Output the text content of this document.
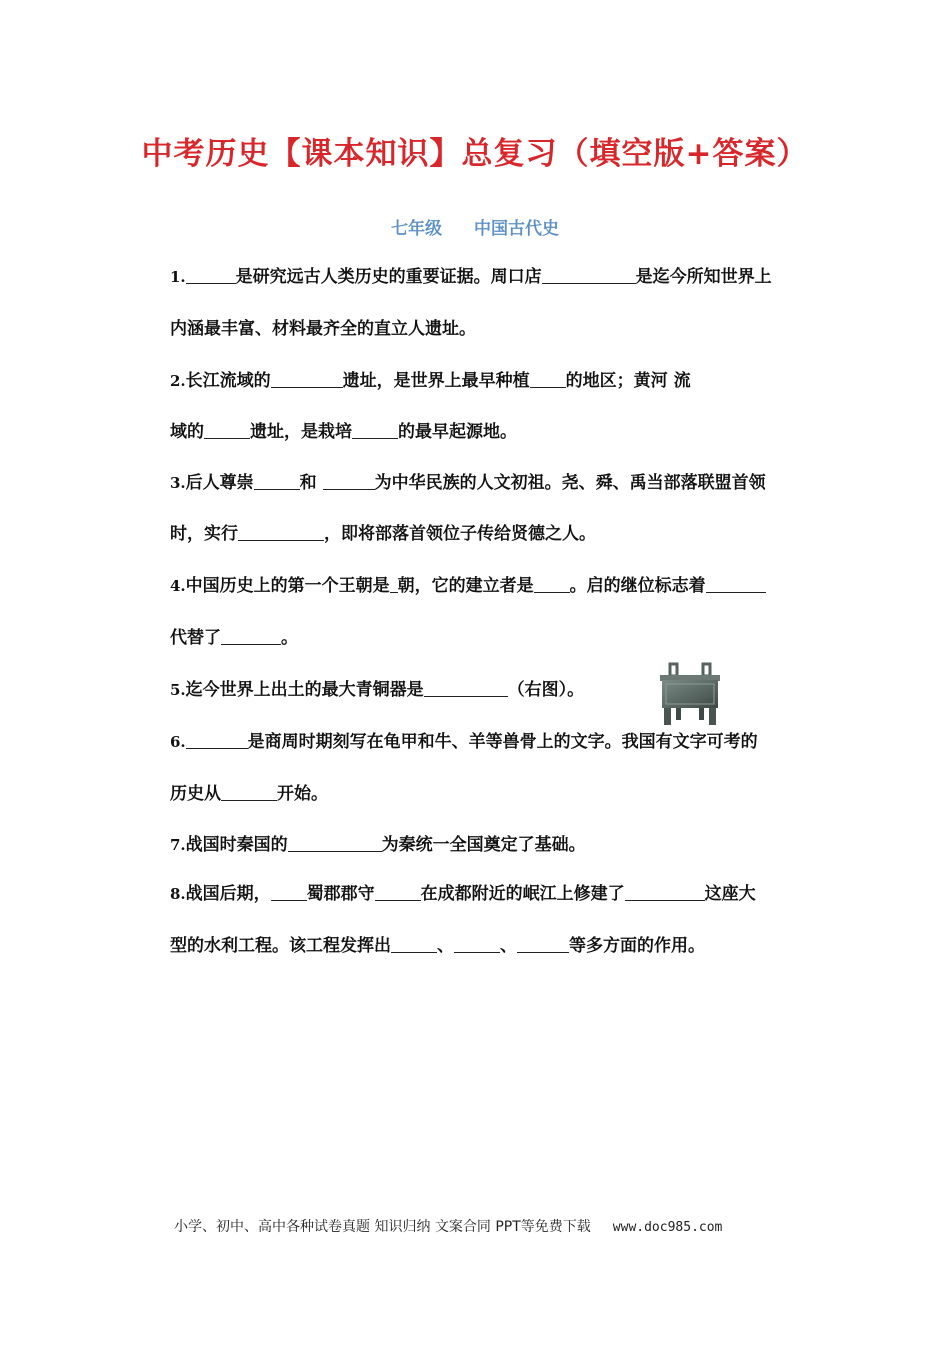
中考历史【课本知识】总复习（填空版+答案）
七年级 中国古代史
1.	是研究远古人类历史的重要证据。周口店	是迄今所知世界上
内涵最丰富、材料最齐全的直立人遗址。
2.长江流域的	遗址，是世界上最早种植 的地区；黄河 流
域的	遗址，是栽培	的最早起源地。
3.后人尊崇	和	为中华民族的人文初祖。尧、舜、禹当部落联盟首领
时，实行	，即将部落首领位子传给贤德之人。
4.中国历史上的第一个王朝是 朝，它的建立者是 。启的继位标志着
代替了	。
5.迄今世界上出土的最大青铜器是	（右图）。
6.	是商周时期刻写在龟甲和牛、羊等兽骨上的文字。我国有文字可考的
历史从	开始。
7.战国时秦国的	为秦统一全国奠定了基础。
8.战国后期， 蜀郡郡守	在成都附近的岷江上修建了	这座大
型的水利工程。该工程发挥出	、	、	等多方面的作用。
小学、初中、高中各种试卷真题 知识归纳 文案合同 PPT等免费下载 www.doc985.com
